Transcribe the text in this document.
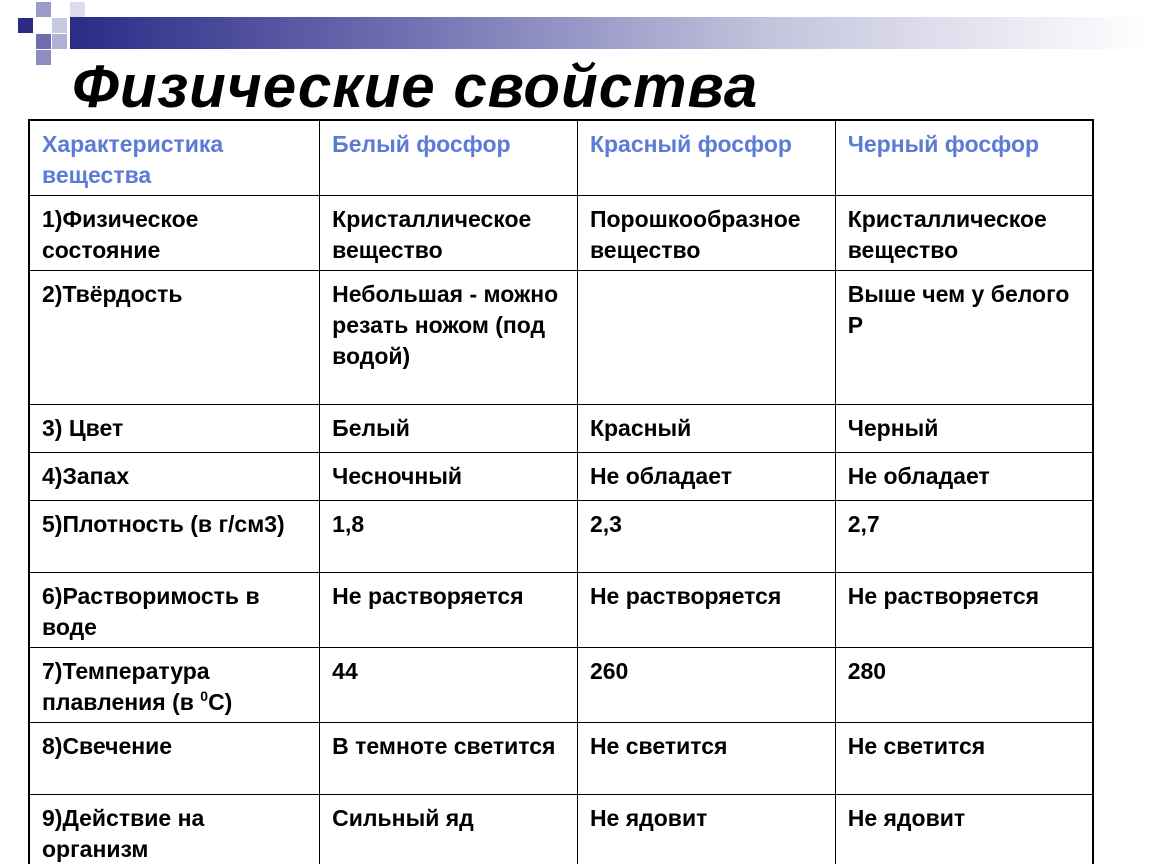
Физические свойства
Характеристика вещества	Белый фосфор	Красный фосфор	Черный фосфор
1)Физическое состояние	Кристаллическое вещество	Порошкообразное вещество	Кристаллическое вещество
2)Твёрдость	Небольшая - можно резать ножом (под водой)		Выше чем у белого Р
3) Цвет	Белый	Красный	Черный
4)Запах	Чесночный	Не обладает	Не обладает
5)Плотность (в г/см3)	1,8	2,3	2,7
6)Растворимость в воде	Не растворяется	Не растворяется	Не растворяется
7)Температура плавления (в $^0$С)	44	260	280
8)Свечение	В темноте светится	Не светится	Не светится
9)Действие на организм	Сильный яд	Не ядовит	Не ядовит
